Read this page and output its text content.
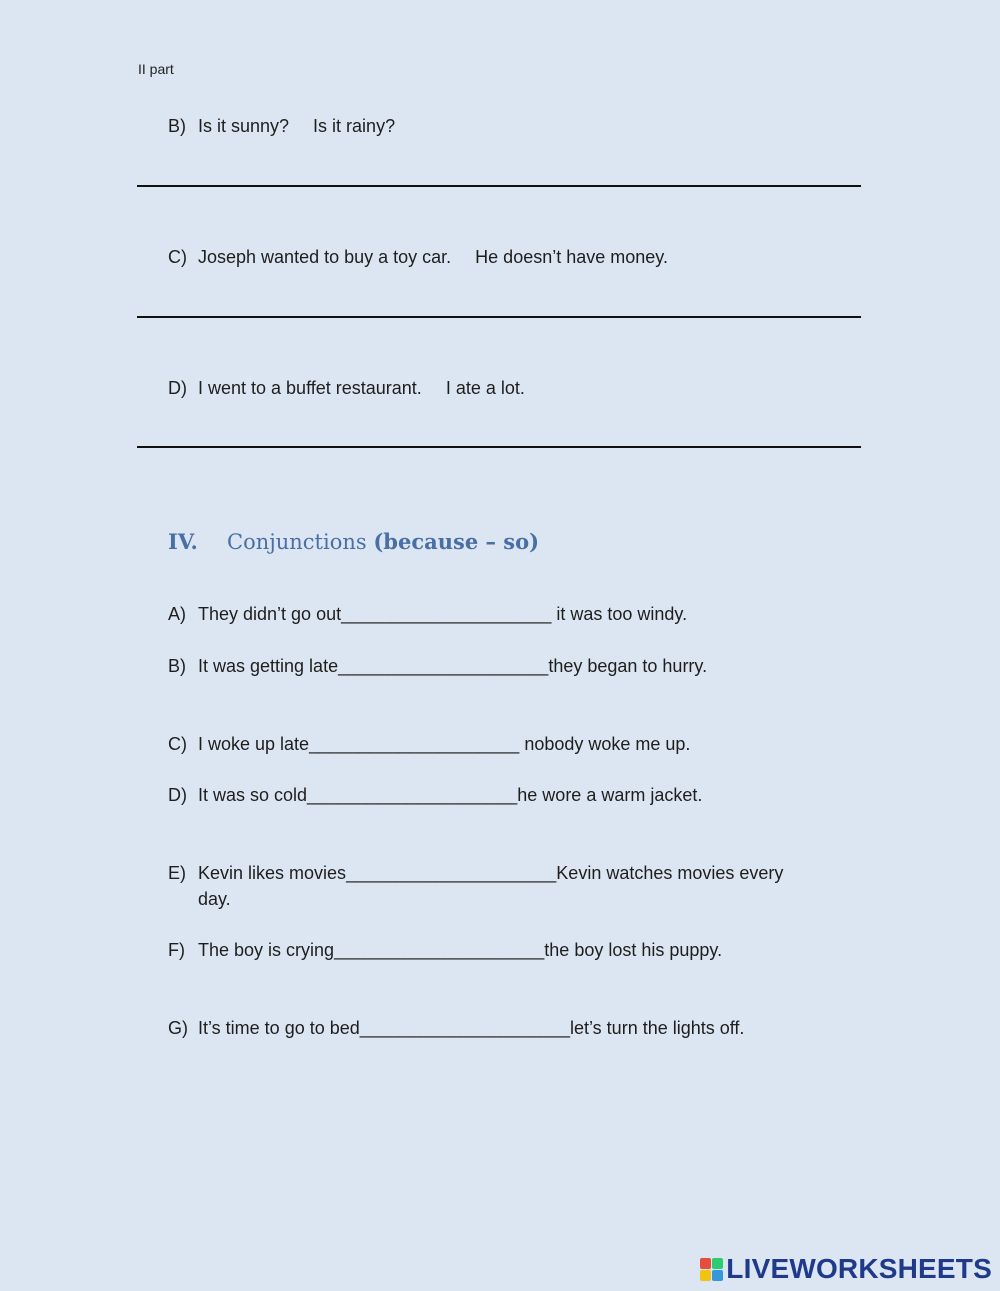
II part
B) Is it sunny? Is it rainy?
C) Joseph wanted to buy a toy car. He doesn’t have money.
D) I went to a buffet restaurant. I ate a lot.
IV. Conjunctions (because – so)
A) They didn’t go out_____________________ it was too windy.
B) It was getting late_____________________they began to hurry.
C) I woke up late_____________________ nobody woke me up.
D) It was so cold_____________________he wore a warm jacket.
E) Kevin likes movies_____________________Kevin watches movies every
day.
F) The boy is crying_____________________the boy lost his puppy.
G) It’s time to go to bed_____________________let’s turn the lights off.
LIVEWORKSHEETS
